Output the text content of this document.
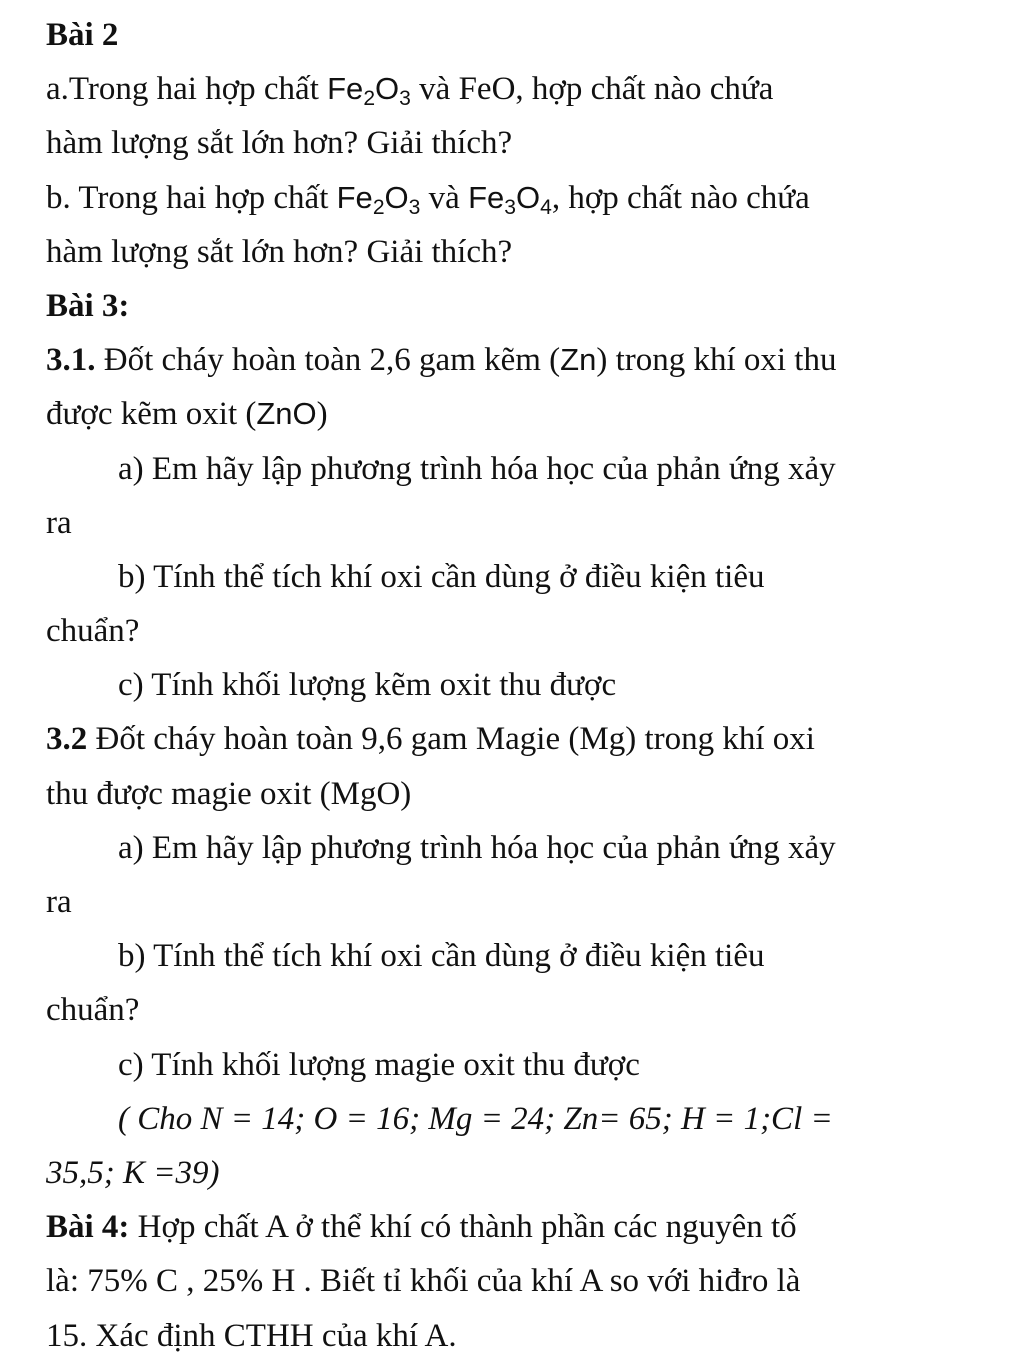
Bài 2
a.Trong hai hợp chất $Fe_2O_3$ và FeO, hợp chất nào chứa
hàm lượng sắt lớn hơn? Giải thích?
b. Trong hai hợp chất $Fe_2O_3$ và $Fe_3O_4$, hợp chất nào chứa
hàm lượng sắt lớn hơn? Giải thích?
Bài 3:
3.1. Đốt cháy hoàn toàn 2,6 gam kẽm (Zn) trong khí oxi thu
được kẽm oxit (ZnO)
a) Em hãy lập phương trình hóa học của phản ứng xảy
ra
b) Tính thể tích khí oxi cần dùng ở điều kiện tiêu
chuẩn?
c) Tính khối lượng kẽm oxit thu được
3.2 Đốt cháy hoàn toàn 9,6 gam Magie (Mg) trong khí oxi
thu được magie oxit (MgO)
a) Em hãy lập phương trình hóa học của phản ứng xảy
ra
b) Tính thể tích khí oxi cần dùng ở điều kiện tiêu
chuẩn?
c) Tính khối lượng magie oxit thu được
( Cho N = 14; O = 16; Mg = 24; Zn= 65; H = 1;Cl =
35,5; K =39)
Bài 4: Hợp chất A ở thể khí có thành phần các nguyên tố
là: 75% C , 25% H . Biết tỉ khối của khí A so với hiđro là
15. Xác định CTHH của khí A.
